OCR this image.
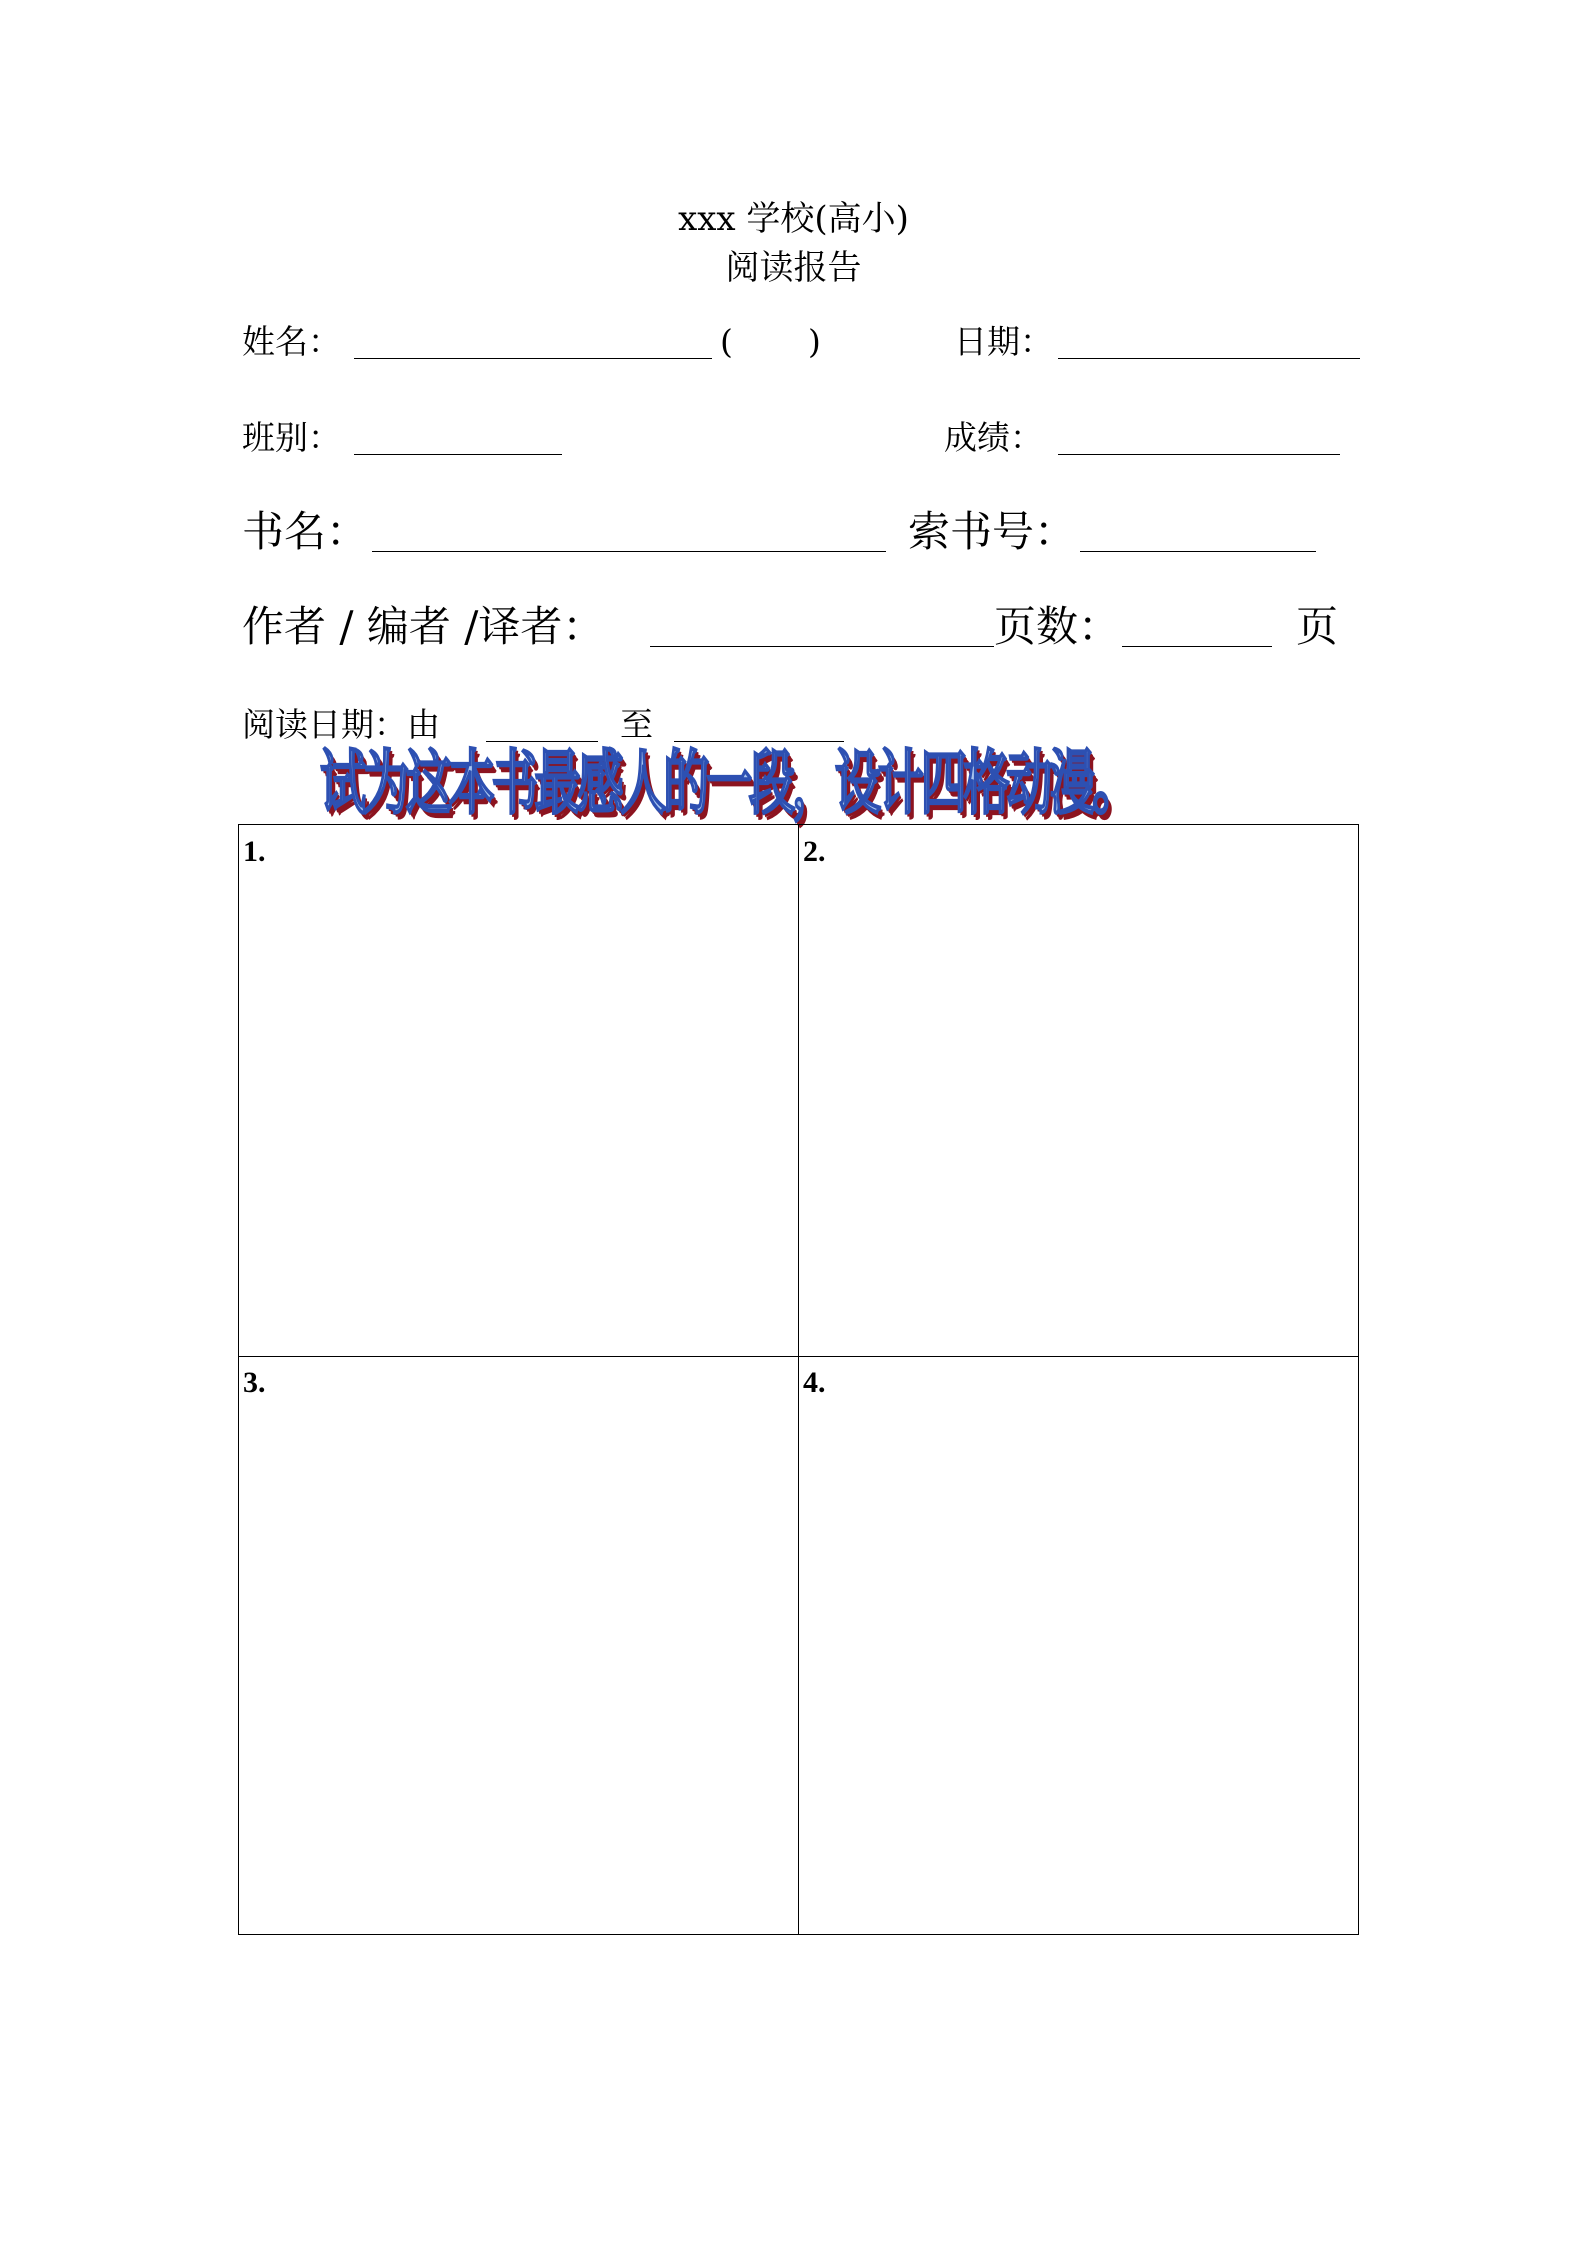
xxx 学校(高小)
阅读报告
姓名：	( )	日期：
班别：	成绩：
书名：	索书号：
作者 / 编者 /译者：	页数：	页
阅读日期：由	至
试为这本书最感人的一段，设计四格动漫。
1.	2.
3.	4.
